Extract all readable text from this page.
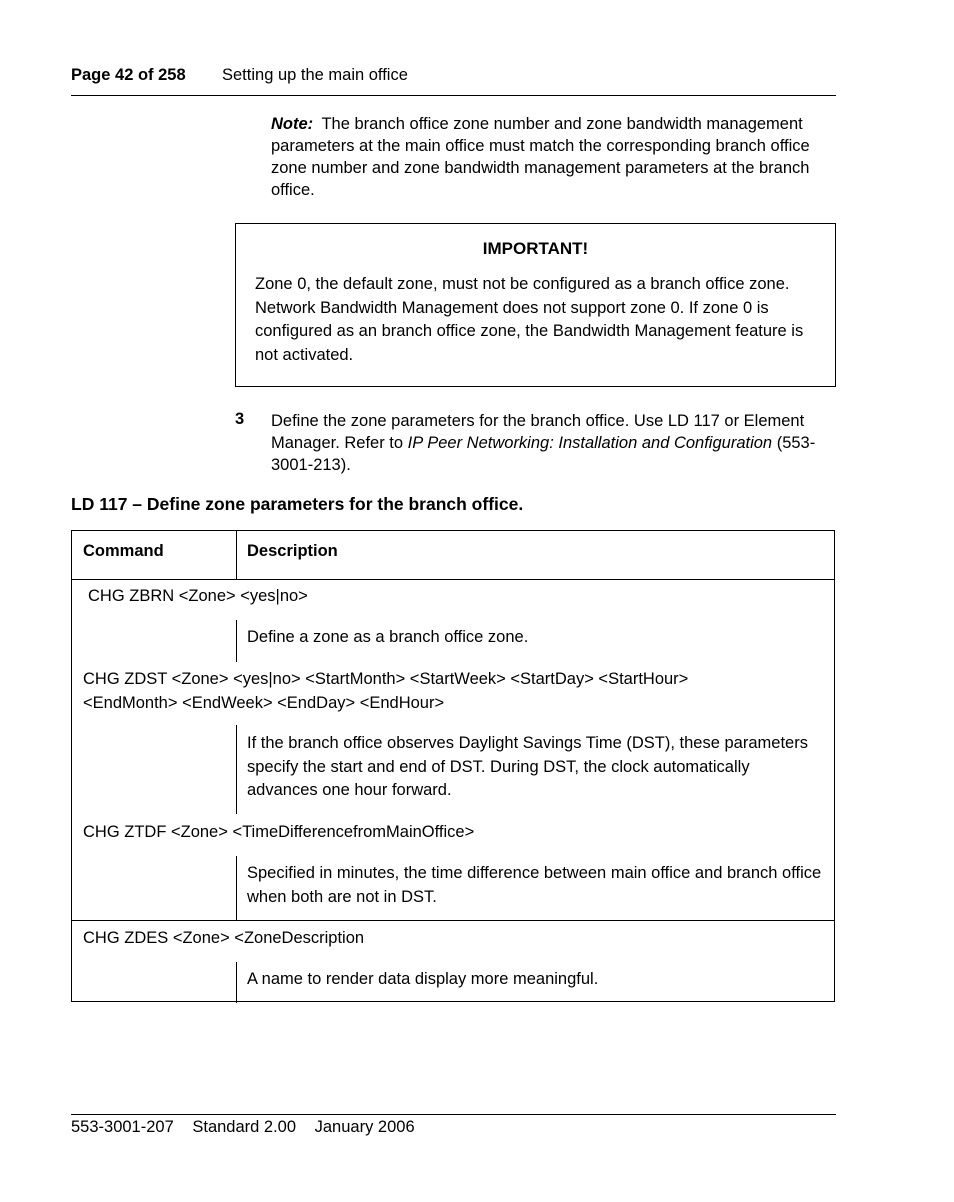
Page 42 of 258 Setting up the main office
Note: The branch office zone number and zone bandwidth management parameters at the main office must match the corresponding branch office zone number and zone bandwidth management parameters at the branch office.
IMPORTANT!
Zone 0, the default zone, must not be configured as a branch office zone. Network Bandwidth Management does not support zone 0. If zone 0 is configured as an branch office zone, the Bandwidth Management feature is not activated.
3 Define the zone parameters for the branch office. Use LD 117 or Element Manager. Refer to IP Peer Networking: Installation and Configuration (553-3001-213).
LD 117 – Define zone parameters for the branch office.
Command	Description
CHG ZBRN <Zone> <yes|no>
Define a zone as a branch office zone.
CHG ZDST <Zone> <yes|no> <StartMonth> <StartWeek> <StartDay> <StartHour>
<EndMonth> <EndWeek> <EndDay> <EndHour>
If the branch office observes Daylight Savings Time (DST), these parameters specify the start and end of DST. During DST, the clock automatically advances one hour forward.
CHG ZTDF <Zone> <TimeDifferencefromMainOffice>
Specified in minutes, the time difference between main office and branch office when both are not in DST.
CHG ZDES <Zone> <ZoneDescription
A name to render data display more meaningful.
553-3001-207 Standard 2.00 January 2006
